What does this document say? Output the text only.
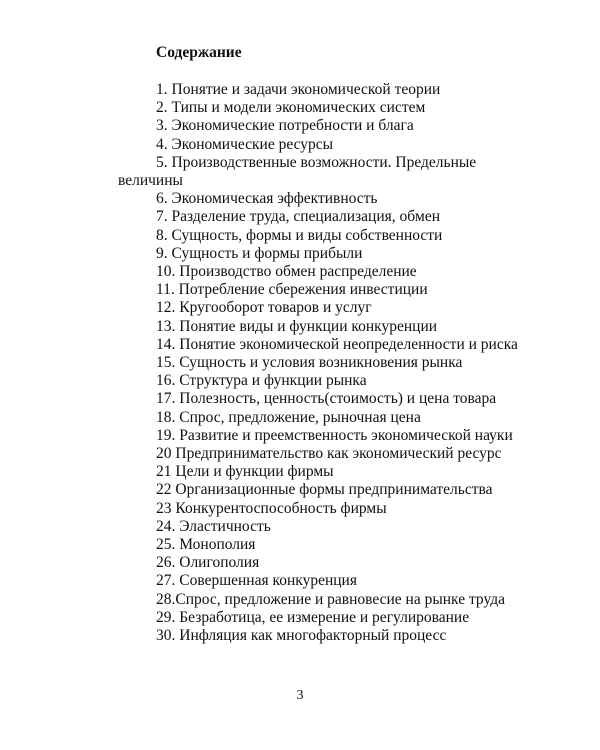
Содержание
1. Понятие и задачи экономической теории
2. Типы и модели экономических систем
3. Экономические потребности и блага
4. Экономические ресурсы
5. Производственные возможности. Предельные величины
6. Экономическая эффективность
7. Разделение труда, специализация, обмен
8. Сущность, формы и виды собственности
9. Сущность и формы прибыли
10. Производство обмен распределение
11. Потребление сбережения инвестиции
12. Кругооборот товаров и услуг
13. Понятие виды и функции конкуренции
14. Понятие экономической неопределенности и риска
15. Сущность и условия возникновения рынка
16. Структура и функции рынка
17. Полезность, ценность(стоимость) и цена товара
18. Спрос, предложение, рыночная цена
19. Развитие и преемственность экономической науки
20 Предпринимательство как экономический ресурс
21 Цели и функции фирмы
22 Организационные формы предпринимательства
23 Конкурентоспособность фирмы
24. Эластичность
25. Монополия
26. Олигополия
27. Совершенная конкуренция
28.Спрос, предложение и равновесие на рынке труда
29. Безработица, ее измерение и регулирование
30. Инфляция как многофакторный процесс
3
